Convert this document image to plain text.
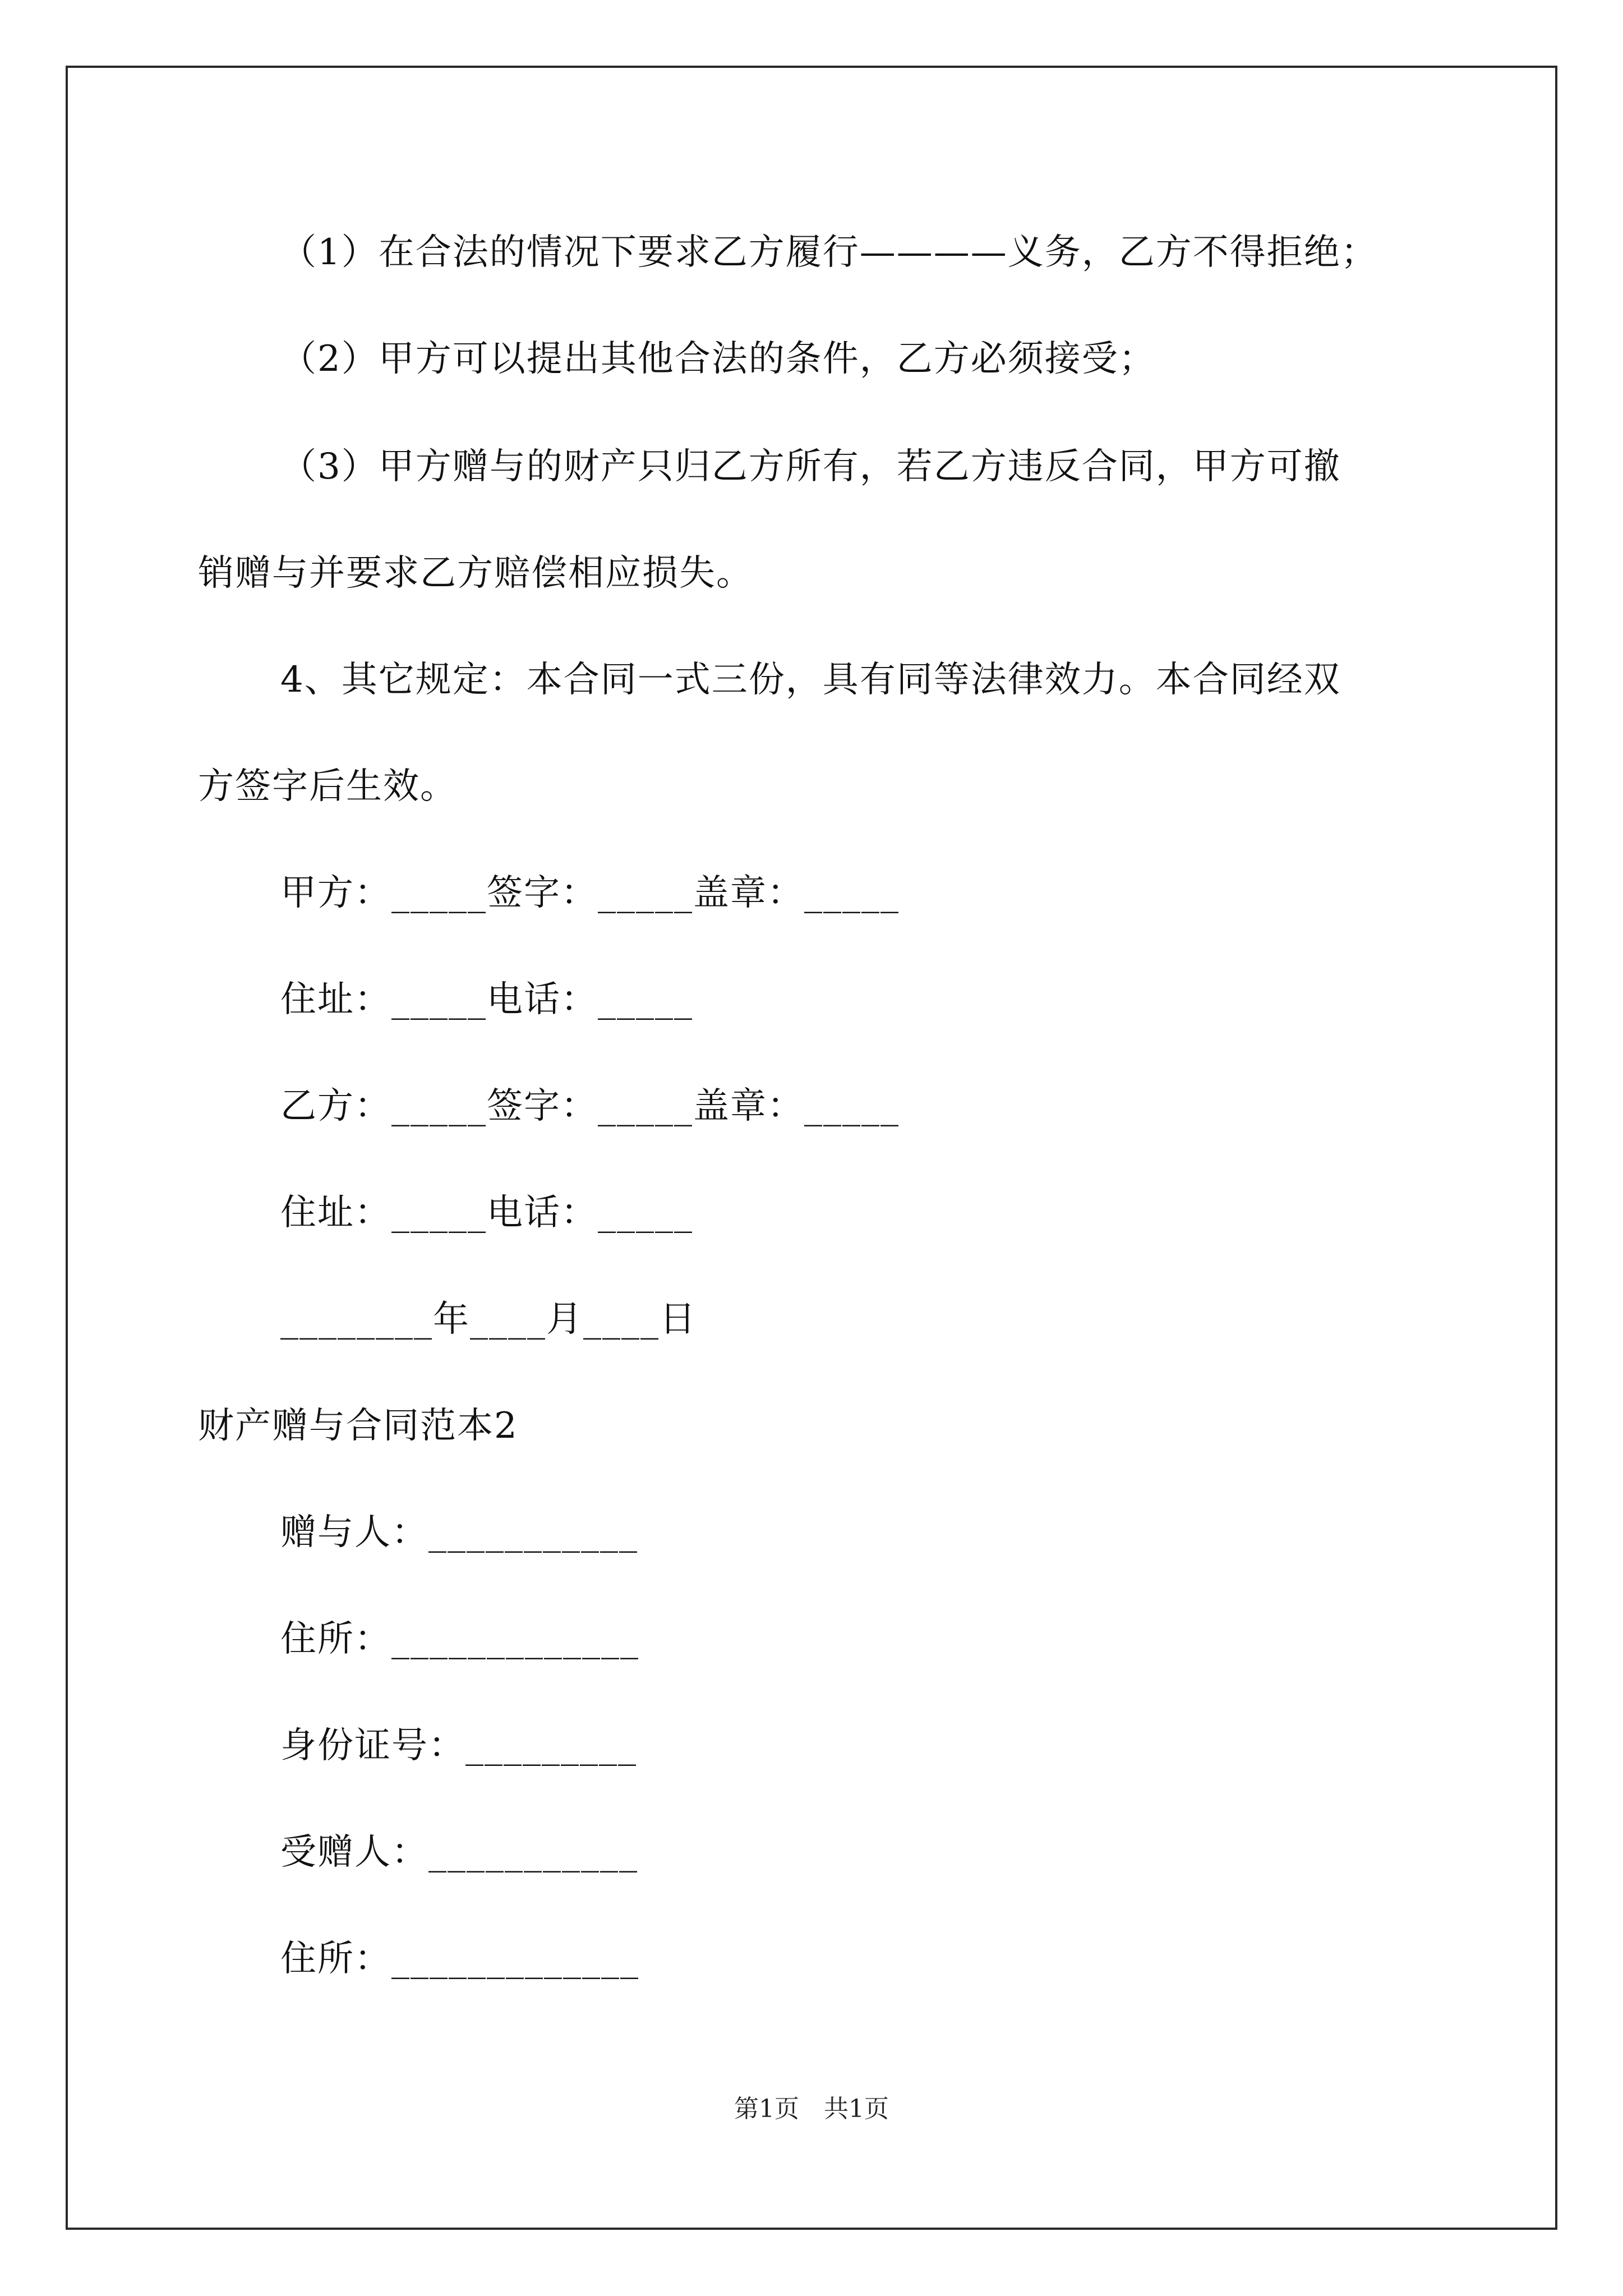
（1）在合法的情况下要求乙方履行————义务，乙方不得拒绝；
（2）甲方可以提出其他合法的条件，乙方必须接受；
（3）甲方赠与的财产只归乙方所有，若乙方违反合同，甲方可撤
销赠与并要求乙方赔偿相应损失。
4、其它规定：本合同一式三份，具有同等法律效力。本合同经双
方签字后生效。
甲方：_____签字：_____盖章：_____
住址：_____电话：_____
乙方：_____签字：_____盖章：_____
住址：_____电话：_____
________年____月____日
财产赠与合同范本2
赠与人：___________
住所：_____________
身份证号：_________
受赠人：___________
住所：_____________
第1页　共1页
